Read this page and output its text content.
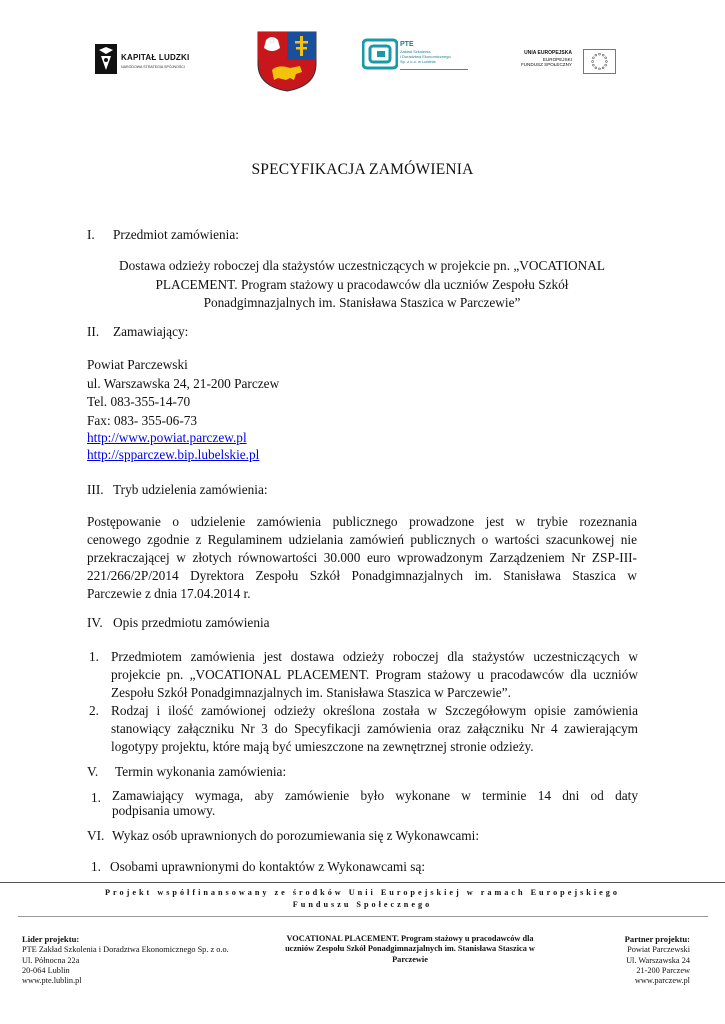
KAPITAŁ LUDZKI
NARODOWA STRATEGIA SPÓJNOŚCI
PTE
Zakład Szkolenia
i Doradztwa Ekonomicznego
Sp. z o.o. w Lublinie
UNIA EUROPEJSKA
EUROPEJSKI
FUNDUSZ SPOŁECZNY
SPECYFIKACJA ZAMÓWIENIA
I. Przedmiot zamówienia:
Dostawa odzieży roboczej dla stażystów uczestniczących w projekcie pn. „VOCATIONAL
PLACEMENT. Program stażowy u pracodawców dla uczniów Zespołu Szkół
Ponadgimnazjalnych im. Stanisława Staszica w Parczewie”
II. Zamawiający:
Powiat Parczewski
ul. Warszawska 24, 21-200 Parczew
Tel. 083-355-14-70
Fax: 083- 355-06-73
http://www.powiat.parczew.pl
http://spparczew.bip.lubelskie.pl
III. Tryb udzielenia zamówienia:
Postępowanie o udzielenie zamówienia publicznego prowadzone jest w trybie rozeznania
cenowego zgodnie z Regulaminem udzielania zamówień publicznych o wartości szacunkowej nie
przekraczającej w złotych równowartości 30.000 euro wprowadzonym Zarządzeniem Nr ZSP-III-
221/266/2P/2014 Dyrektora Zespołu Szkół Ponadgimnazjalnych im. Stanisława Staszica w
Parczewie z dnia 17.04.2014 r.
IV. Opis przedmiotu zamówienia
1. Przedmiotem zamówienia jest dostawa odzieży roboczej dla stażystów uczestniczących w
projekcie pn. „VOCATIONAL PLACEMENT. Program stażowy u pracodawców dla uczniów
Zespołu Szkół Ponadgimnazjalnych im. Stanisława Staszica w Parczewie”.
2. Rodzaj i ilość zamówionej odzieży określona została w Szczegółowym opisie zamówienia
stanowiący załączniku Nr 3 do Specyfikacji zamówienia oraz załączniku Nr 4 zawierającym
logotypy projektu, które mają być umieszczone na zewnętrznej stronie odzieży.
V. Termin wykonania zamówienia:
1. Zamawiający wymaga, aby zamówienie było wykonane w terminie 14 dni od daty
podpisania umowy.
VI. Wykaz osób uprawnionych do porozumiewania się z Wykonawcami:
1. Osobami uprawnionymi do kontaktów z Wykonawcami są:
Projekt współfinansowany ze środków Unii Europejskiej w ramach Europejskiego
Funduszu Społecznego
Lider projektu:
PTE Zakład Szkolenia i Doradztwa Ekonomicznego Sp. z o.o.
Ul. Północna 22a
20-064 Lublin
www.pte.lublin.pl
VOCATIONAL PLACEMENT. Program stażowy u pracodawców dla
uczniów Zespołu Szkół Ponadgimnazjalnych im. Stanisława Staszica w
Parczewie
Partner projektu:
Powiat Parczewski
Ul. Warszawska 24
21-200 Parczew
www.parczew.pl
